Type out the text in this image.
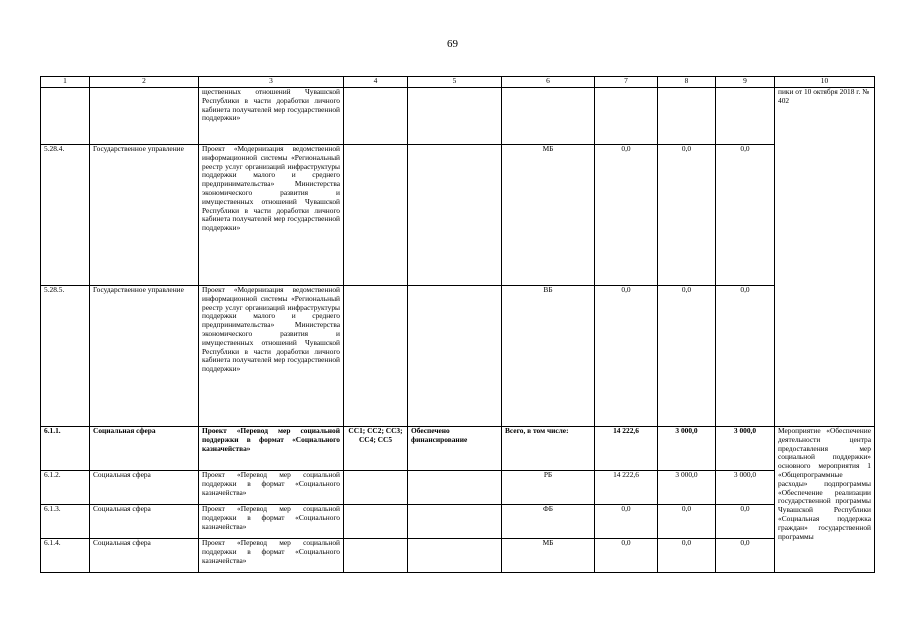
69
1	2	3	4	5	6	7	8	9	10
		щественных отношений Чувашской Республики в части доработки личного кабинета получателей мер государственной поддержки»							пики от 10 октября 2018 г. № 402
5.28.4.	Государственное управление	Проект «Модернизация ведомственной информационной системы «Региональный реестр услуг организаций инфраструктуры поддержки малого и среднего предпринимательства» Министерства экономического развития и имущественных отношений Чувашской Республики в части доработки личного кабинета получателей мер государственной поддержки»			МБ	0,0	0,0	0,0	
5.28.5.	Государственное управление	Проект «Модернизация ведомственной информационной системы «Региональный реестр услуг организаций инфраструктуры поддержки малого и среднего предпринимательства» Министерства экономического развития и имущественных отношений Чувашской Республики в части доработки личного кабинета получателей мер государственной поддержки»			ВБ	0,0	0,0	0,0	
6.1.1.	Социальная сфера	Проект «Перевод мер социальной поддержки в формат «Социального казначейства»	СС1; СС2; СС3; СС4; СС5	Обеспечено финансирование	Всего, в том числе:	14 222,6	3 000,0	3 000,0	Мероприятие «Обеспечение деятельности центра предоставления мер социальной поддержки» основного мероприятия 1 «Общепрограммные расходы» подпрограммы «Обеспечение реализации государственной программы Чувашской Республики «Социальная поддержка граждан» государственной программы
6.1.2.	Социальная сфера	Проект «Перевод мер социальной поддержки в формат «Социального казначейства»			РБ	14 222,6	3 000,0	3 000,0	
6.1.3.	Социальная сфера	Проект «Перевод мер социальной поддержки в формат «Социального казначейства»			ФБ	0,0	0,0	0,0	
6.1.4.	Социальная сфера	Проект «Перевод мер социальной поддержки в формат «Социального казначейства»			МБ	0,0	0,0	0,0	
